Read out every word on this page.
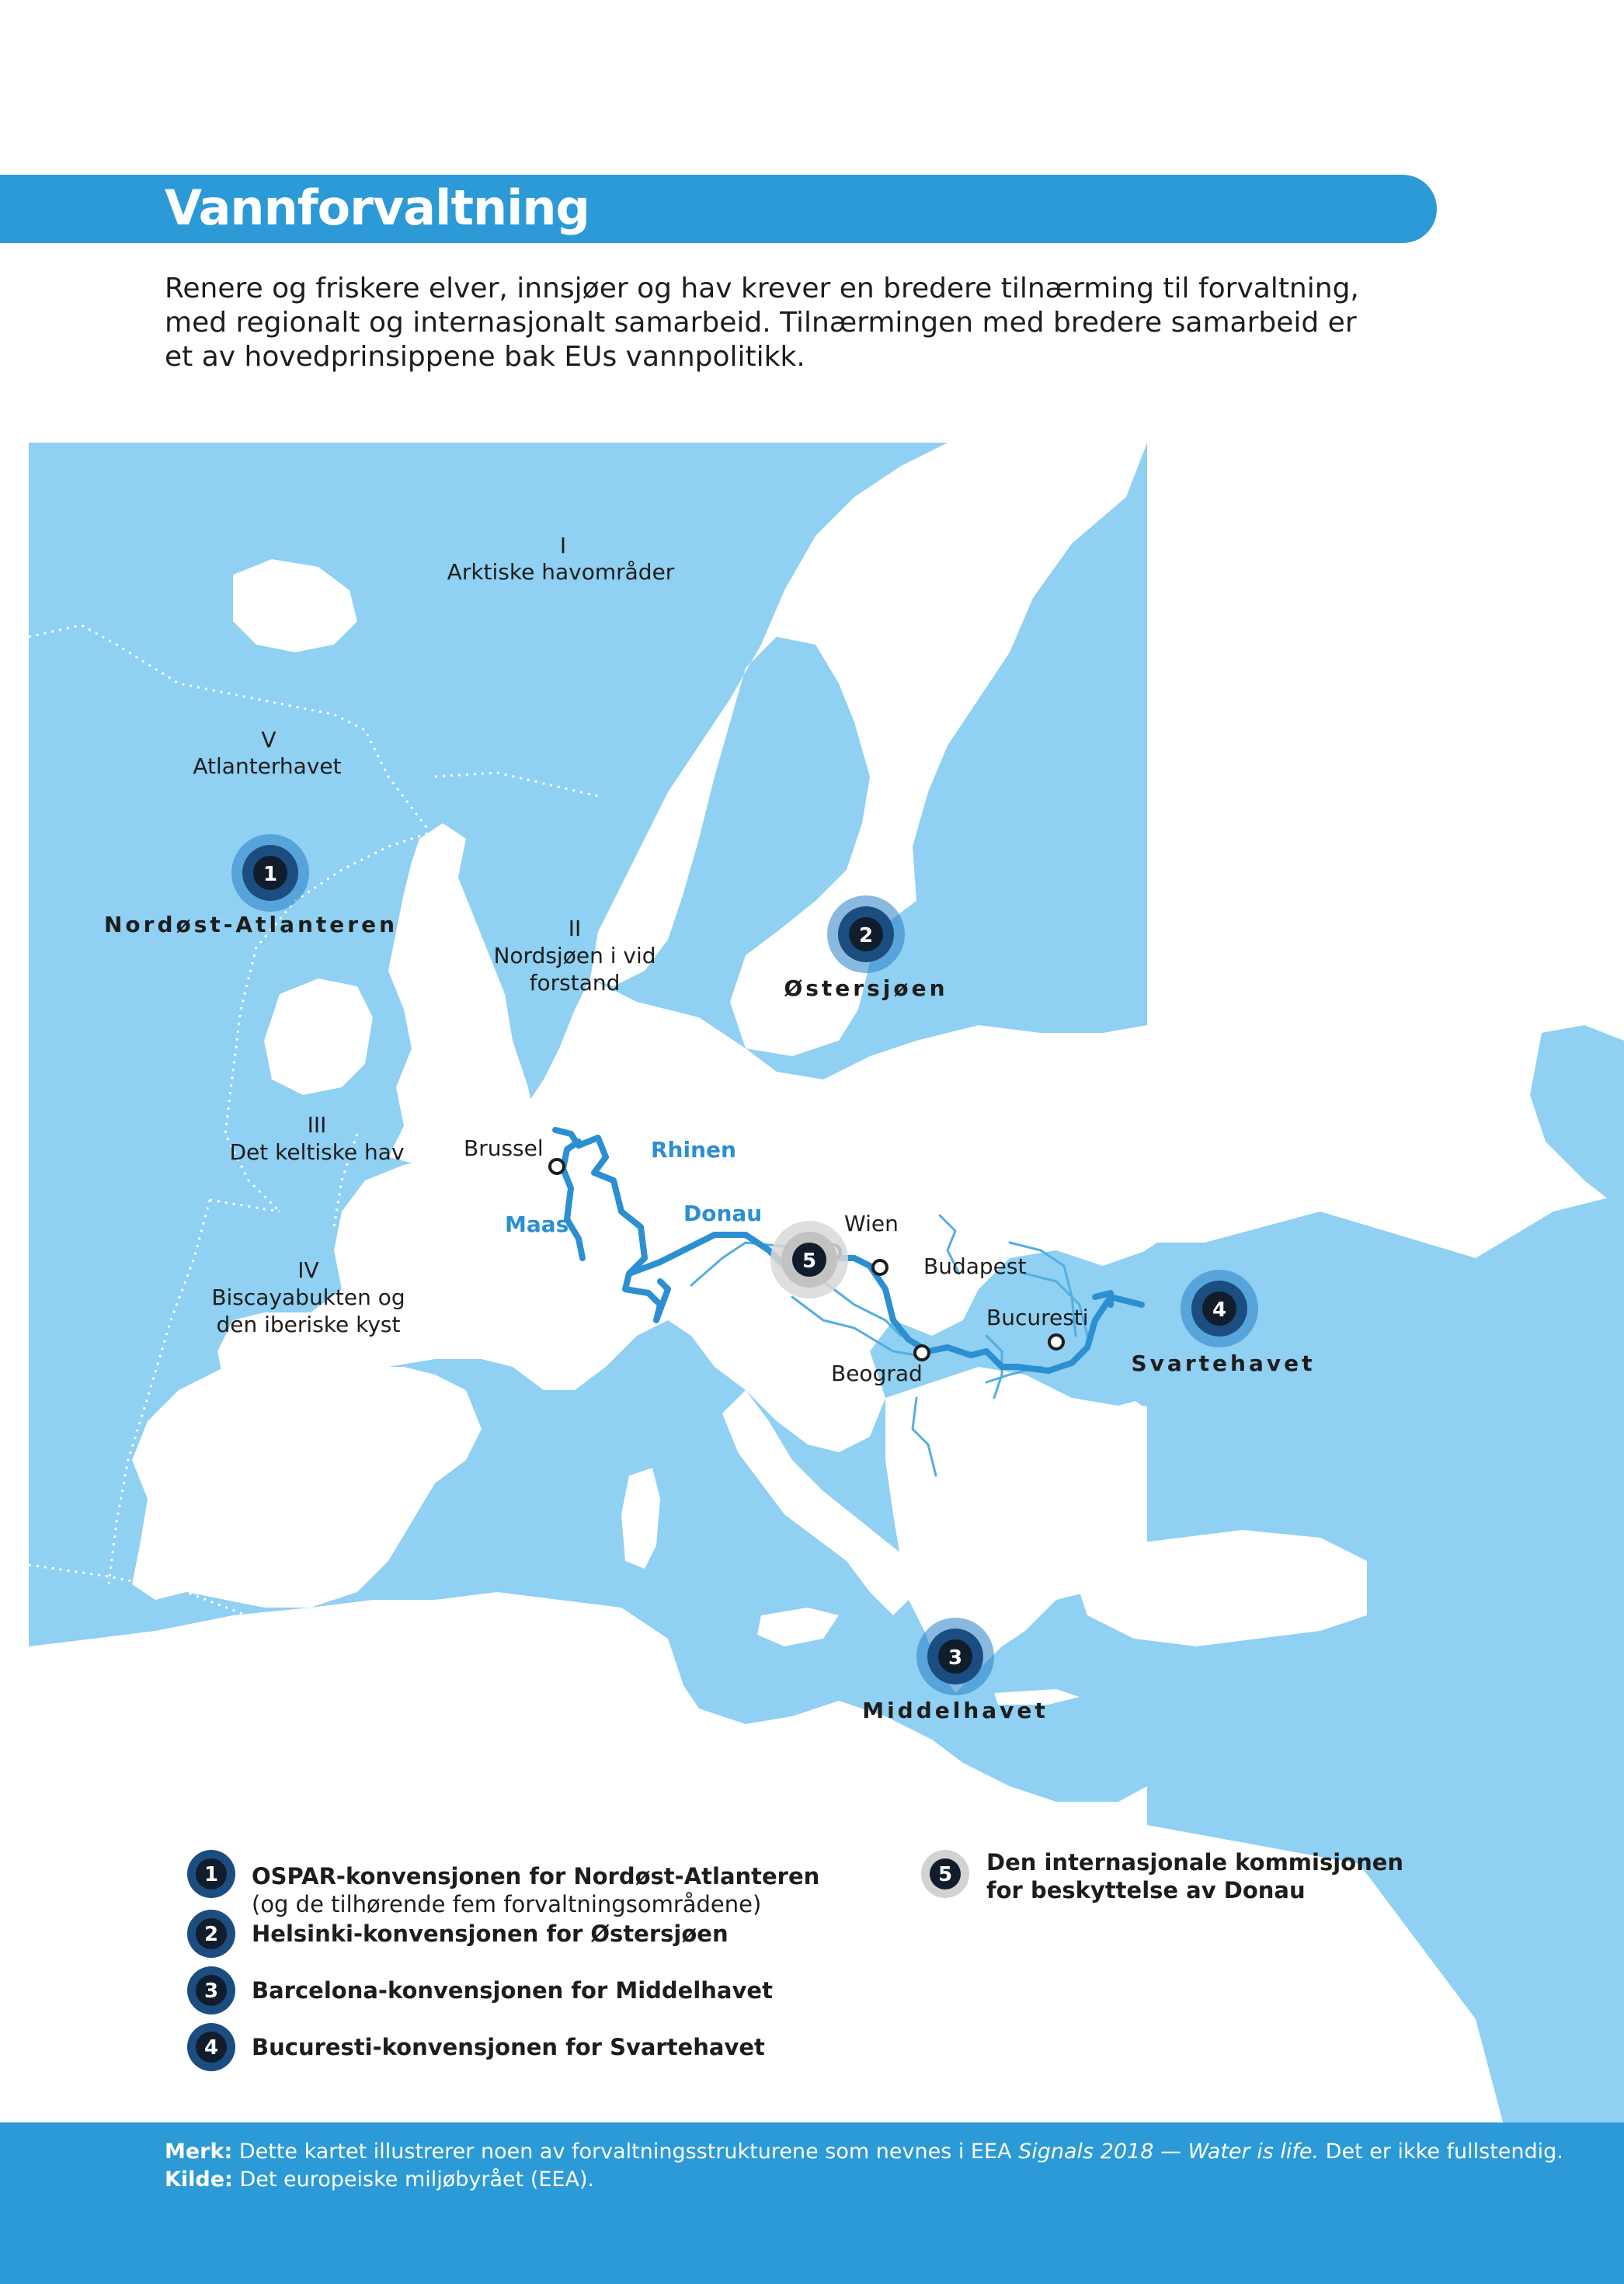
Vannforvaltning
Renere og friskere elver, innsjøer og hav krever en bredere tilnærming til forvaltning,
med regionalt og internasjonalt samarbeid. Tilnærmingen med bredere samarbeid er
et av hovedprinsippene bak EUs vannpolitikk.
I
Arktiske havområder
V
Atlanterhavet
II
Nordsjøen i vid
forstand
III
Det keltiske hav
IV
Biscayabukten og
den iberiske kyst
1
2
3
4
5
Nordøst-Atlanteren
Østersjøen
Middelhavet
Svartehavet
Rhinen
Maas	Donau
Brussel
Wien
Budapest
Bucuresti
Beograd
1
2
3
4
5
OSPAR-konvensjonen for Nordøst-Atlanteren
(og de tilhørende fem forvaltningsområdene)
Helsinki-konvensjonen for Østersjøen
Barcelona-konvensjonen for Middelhavet
Bucuresti-konvensjonen for Svartehavet
Den internasjonale kommisjonen
for beskyttelse av Donau
Merk: Dette kartet illustrerer noen av forvaltningsstrukturene som nevnes i EEA Signals 2018 — Water is life. Det er ikke fullstendig.
Kilde: Det europeiske miljøbyrået (EEA).
